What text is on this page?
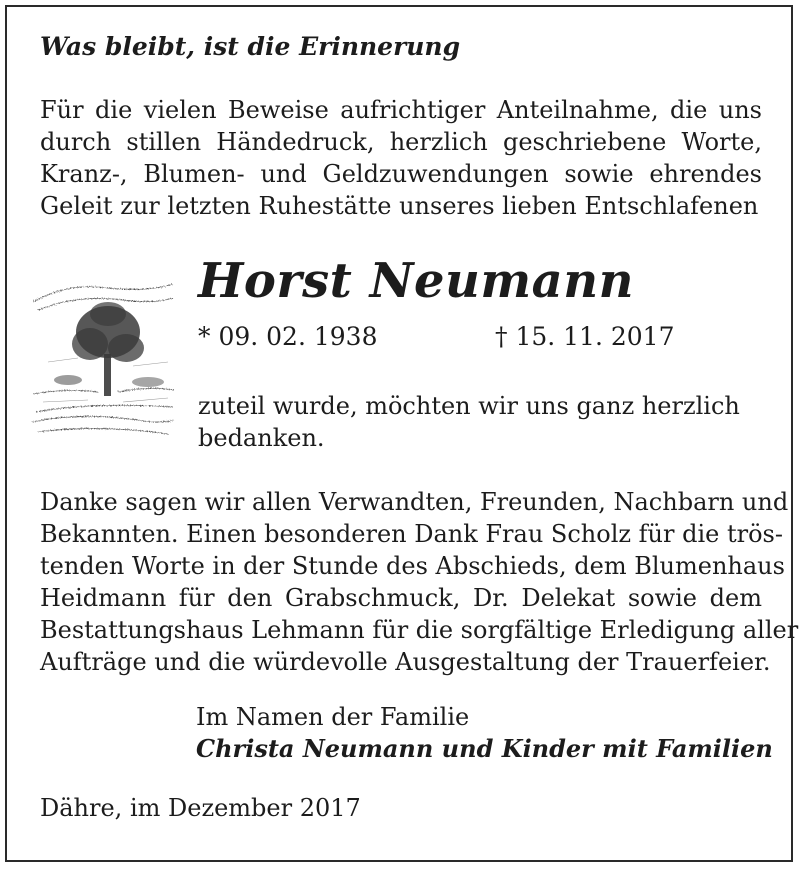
Was bleibt, ist die Erinnerung

Für die vielen Beweise aufrichtiger Anteilnahme, die uns
durch stillen Händedruck, herzlich geschriebene Worte,
Kranz-, Blumen- und Geldzuwendungen sowie ehrendes
Geleit zur letzten Ruhestätte unseres lieben Entschlafenen

Horst Neumann

* 09. 02. 1938	† 15. 11. 2017

zuteil wurde, möchten wir uns ganz herzlich
bedanken.
Danke sagen wir allen Verwandten, Freunden, Nachbarn und
Bekannten. Einen besonderen Dank Frau Scholz für die trös-
tenden Worte in der Stunde des Abschieds, dem Blumenhaus
Heidmann für den Grabschmuck, Dr. Delekat sowie dem
Bestattungshaus Lehmann für die sorgfältige Erledigung aller
Aufträge und die würdevolle Ausgestaltung der Trauerfeier.

Im Namen der Familie

Christa Neumann und Kinder mit Familien

Dähre, im Dezember 2017
